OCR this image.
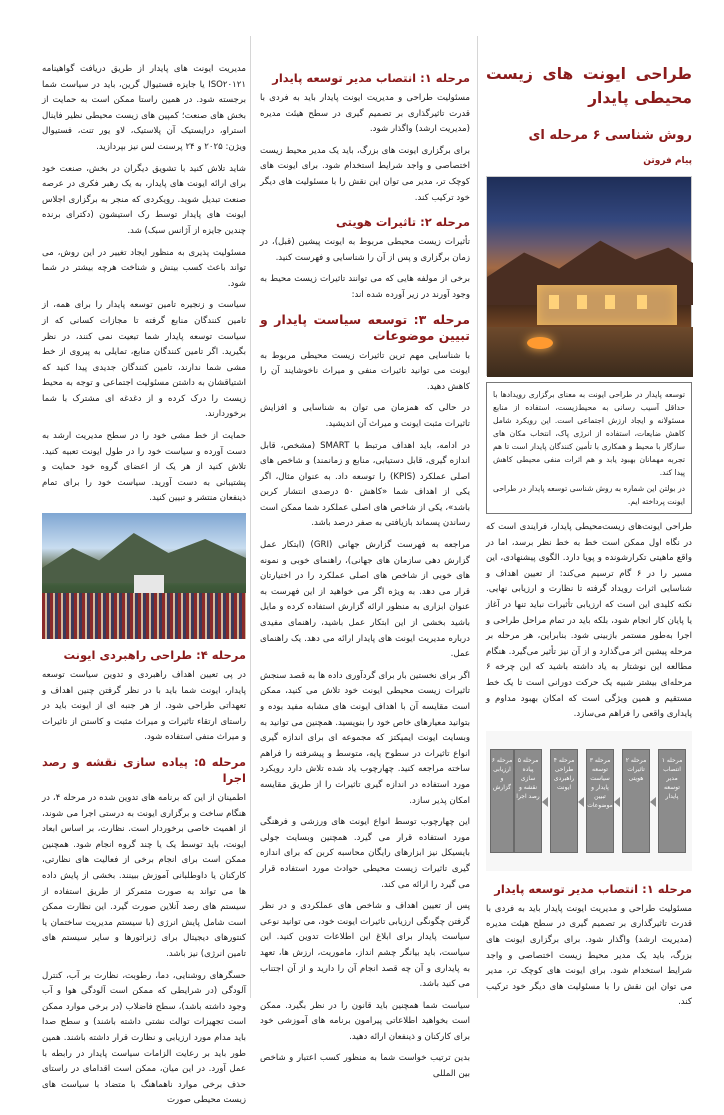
طراحی ایونت های زیست محیطی پایدار
روش شناسی ۶ مرحله ای
پیام فروتن
توسعه پایدار در طراحی ایونت به معنای برگزاری رویدادها با حداقل آسیب رسانی به محیط‌زیست، استفاده از منابع مسئولانه و ایجاد ارزش اجتماعی است. این رویکرد شامل کاهش ضایعات، استفاده از انرژی پاک، انتخاب مکان های سازگار با محیط و همکاری با تأمین کنندگان پایدار است تا هم تجربه مهمانان بهبود یابد و هم اثرات منفی محیطی کاهش پیدا کند.
در بولتن این شماره به روش شناسی توسعه پایدار در طراحی ایونت پرداخته ایم.

طراحی ایونت‌های زیست‌محیطی پایدار، فرایندی است که در نگاه اول ممکن است خط به خط نظر برسد، اما در واقع ماهیتی تکرارشونده و پویا دارد. الگوی پیشنهادی، این مسیر را در ۶ گام ترسیم می‌کند: از تعیین اهداف و شناسایی اثرات رویداد گرفته تا نظارت و ارزیابی نهایی. نکته کلیدی این است که ارزیابی تأثیرات نباید تنها در آغاز یا پایان کار انجام شود، بلکه باید در تمام مراحل طراحی و اجرا به‌طور مستمر بازبینی شود. بنابراین، هر مرحله بر مرحله پیشین اثر می‌گذارد و از آن نیز تأثیر می‌گیرد. هنگام مطالعه این نوشتار به یاد داشته باشید که این چرخه ۶ مرحله‌ای بیشتر شبیه یک حرکت دورانی است تا یک خط مستقیم و همین ویژگی است که امکان بهبود مداوم و پایداری واقعی را فراهم می‌سازد.

مرحله ۱ انتصاب مدیر توسعه پایدار
مرحله ۲ تاثیرات هویتی
مرحله ۳ توسعه سیاست پایدار و تبیین موضوعات
مرحله ۴ طراحی راهبردی ایونت
مرحله ۵ پیاده سازی نقشه و رصد اجرا
مرحله ۶ ارزیابی و گزارش
مرحله ۱: انتصاب مدیر توسعه پایدار

مسئولیت طراحی و مدیریت ایونت پایدار باید به فردی با قدرت تاثیرگذاری بر تصمیم گیری در سطح هیئت مدیره (مدیریت ارشد) واگذار شود. برای برگزاری ایونت های بزرگ، باید یک مدیر محیط زیست اختصاصی و واجد شرایط استخدام شود. برای ایونت های کوچک تر، مدیر می توان این نقش را با مسئولیت های دیگر خود ترکیب کند.

مرحله ۱: انتصاب مدیر توسعه پایدار

مسئولیت طراحی و مدیریت ایونت پایدار باید به فردی با قدرت تاثیرگذاری بر تصمیم گیری در سطح هیئت مدیره (مدیریت ارشد) واگذار شود.

برای برگزاری ایونت های بزرگ، باید یک مدیر محیط زیست اختصاصی و واجد شرایط استخدام شود. برای ایونت های کوچک تر، مدیر می توان این نقش را با مسئولیت های دیگر خود ترکیب کند.

مرحله ۲: تاثیرات هویتی

تأثیرات زیست محیطی مربوط به ایونت پیشین (قبل)، در زمان برگزاری و پس از آن را شناسایی و فهرست کنید.

برخی از مولفه هایی که می توانند تاثیرات زیست محیط به وجود آورند در زیر آورده شده اند:

مرحله ۳: توسعه سیاست پایدار و تبیین موضوعات

با شناسایی مهم ترین تاثیرات زیست محیطی مربوط به ایونت می توانید تاثیرات منفی و میراث ناخوشایند آن را کاهش دهید.

در حالی که همزمان می توان به شناسایی و افزایش تاثیرات مثبت ایونت و میراث آن اندیشید.

در ادامه، باید اهداف مرتبط با SMART (مشخص، قابل اندازه گیری، قابل دستیابی، منابع و زمانمند) و شاخص های اصلی عملکرد (KPIS) را توسعه داد. به عنوان مثال، اگر یکی از اهداف شما «کاهش ۵۰ درصدی انتشار کربن باشد»، یکی از شاخص های اصلی عملکرد شما ممکن است رساندن پسماند بازیافتی به صفر درصد باشد.

مراجعه به فهرست گزارش جهانی (GRI) (ابتکار عمل گزارش دهی سازمان های جهانی)، راهنمای خوبی و نمونه های خوبی از شاخص های اصلی عملکرد را در اختیارتان قرار می دهد. به ویژه اگر می خواهید از این فهرست به عنوان ابزاری به منظور ارائه گزارش استفاده کرده و مایل باشید بخشی از این ابتکار عمل باشید، راهنمای مفیدی درباره مدیریت ایونت های پایدار ارائه می دهد. یک راهنمای عمل.

اگر برای نخستین بار برای گردآوری داده ها به قصد سنجش تاثیرات زیست محیطی ایونت خود تلاش می کنید، ممکن است مقایسه آن با اهداف ایونت های مشابه مفید بوده و بتوانید معیارهای خاص خود را بنویسید. همچنین می توانید به وبسایت ایونت ایمپکتز که مجموعه ای برای اندازه گیری انواع تاثیرات در سطوح پایه، متوسط و پیشرفته را فراهم ساخته مراجعه کنید. چهارچوب یاد شده تلاش دارد رویکرد مورد استفاده در اندازه گیری تاثیرات را از طریق مقایسه امکان پذیر سازد.

این چهارچوب توسط انواع ایونت های ورزشی و فرهنگی مورد استفاده قرار می گیرد. همچنین وبسایت جولی بایسیکل نیز ابزارهای رایگان محاسبه کربن که برای اندازه گیری تاثیرات زیست محیطی حوادث مورد استفاده قرار می گیرد را ارائه می کند.

پس از تعیین اهداف و شاخص های عملکردی و در نظر گرفتن چگونگی ارزیابی تاثیرات ایونت خود، می توانید نوعی سیاست پایدار برای ابلاغ این اطلاعات تدوین کنید. این سیاست، باید بیانگر چشم انداز، ماموریت، ارزش ها، تعهد به پایداری و آن چه قصد انجام آن را دارید و از آن اجتناب می کنید باشد.

سیاست شما همچنین باید قانون را در نظر بگیرد. ممکن است بخواهید اطلاعاتی پیرامون برنامه های آموزشی خود برای کارکنان و ذینفعان ارائه دهید.

بدین ترتیب خواست شما به منظور کسب اعتبار و شاخص بین المللی

مدیریت ایونت های پایدار از طریق دریافت گواهینامه ISO۲۰۱۲۱ یا جایزه فستیوال گرین، باید در سیاست شما برجسته شود. در همین راستا ممکن است به حمایت از بخش های صنعت؛ کمپین های زیست محیطی نظیر فاینال استراو، درایستیک آن پلاستیک، لاو یور تنت، فستیوال ویژن: ۲۰۲۵ و ۲۴ پرسنت لس نیز بپردازید.

شاید تلاش کنید با تشویق دیگران در بخش، صنعت خود برای ارائه ایونت های پایدار، به یک رهبر فکری در عرصه صنعت تبدیل شوید. رویکردی که منجر به برگزاری اجلاس ایونت های پایدار توسط رک استیشون (دکترای برنده چندین جایزه از آژانس سبک) شد.

مسئولیت پذیری به منظور ایجاد تغییر در این روش، می تواند باعث کسب بینش و شناخت هرچه بیشتر در شما شود.

سیاست و زنجیره تامین توسعه پایدار را برای همه، از تامین کنندگان منابع گرفته تا مجازات کسانی که از سیاست توسعه پایدار شما تبعیت نمی کنند، در نظر بگیرید. اگر تامین کنندگان منابع، تمایلی به پیروی از خط مشی شما ندارند، تامین کنندگان جدیدی پیدا کنید که اشتیاقشان به داشتن مسئولیت اجتماعی و توجه به محیط زیست را درک کرده و از دغدغه ای مشترک با شما برخوردارند.

حمایت از خط مشی خود را در سطح مدیریت ارشد به دست آورده و سیاست خود را در طول ایونت تعبیه کنید. تلاش کنید از هر یک از اعضای گروه خود حمایت و پشتیبانی به دست آورید. سیاست خود را برای تمام ذینفعان منتشر و تبیین کنید.

مرحله ۴: طراحی راهبردی ایونت

در پی تعیین اهداف راهبردی و تدوین سیاست توسعه پایدار، ایونت شما باید با در نظر گرفتن چنین اهداف و تعهداتی طراحی شود. از هر جنبه ای از ایونت باید در راستای ارتقاء تاثیرات و میراث مثبت و کاستن از تاثیرات و میراث منفی استفاده شود.

مرحله ۵: پیاده سازی نقشه و رصد اجرا

اطمینان از این که برنامه های تدوین شده در مرحله ۴، در هنگام ساخت و برگزاری ایونت به درستی اجرا می شوند، از اهمیت خاصی برخوردار است. نظارت، بر اساس ابعاد ایونت، باید توسط یک یا چند گروه انجام شود. همچنین ممکن است برای انجام برخی از فعالیت های نظارتی، کارکنان یا داوطلبانی آموزش ببینند. بخشی از پایش داده ها می تواند به صورت متمرکز از طریق استفاده از سیستم های رصد آنلاین صورت گیرد. این نظارت ممکن است شامل پایش انرژی (با سیستم مدیریت ساختمان یا کنتورهای دیجیتال برای ژنراتورها و سایر سیستم های تامین انرژی) نیز باشد.

حسگرهای روشنایی، دما، رطوبت، نظارت بر آب، کنترل آلودگی (در شرایطی که ممکن است آلودگی هوا و آب وجود داشته باشد)، سطح فاضلاب (در برخی موارد ممکن است تجهیزات توالت نشتی داشته باشند) و سطح صدا باید مدام مورد ارزیابی و نظارت قرار داشته باشند. همین طور باید بر رعایت الزامات سیاست پایدار در رابطه با عمل آورد. در این میان، ممکن است اقدامای در راستای حذف برخی موارد ناهماهنگ با متضاد با سیاست های زیست محیطی صورت
